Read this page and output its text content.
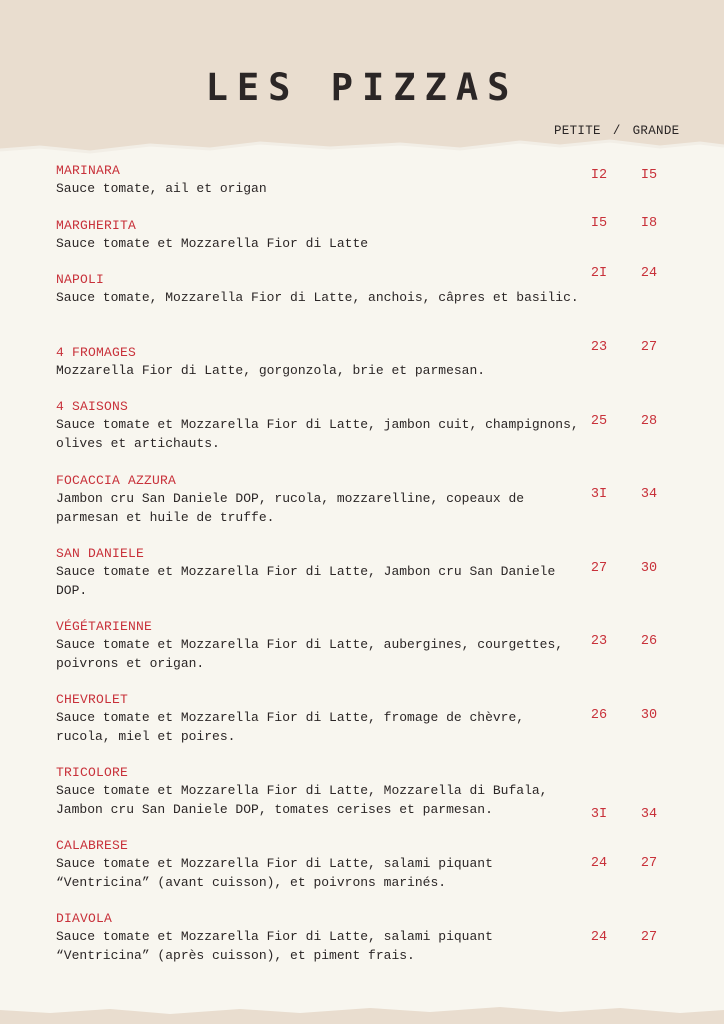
LES PIZZAS
PETITE / GRANDE
MARINARA
Sauce tomate, ail et origan
I2	I5
MARGHERITA
Sauce tomate et Mozzarella Fior di Latte
I5	I8
NAPOLI
Sauce tomate, Mozzarella Fior di Latte, anchois, câpres et basilic.
2I	24
4 FROMAGES
Mozzarella Fior di Latte, gorgonzola, brie et parmesan.
23	27
4 SAISONS
Sauce tomate et Mozzarella Fior di Latte, jambon cuit, champignons, olives et artichauts.
25	28
FOCACCIA AZZURA
Jambon cru San Daniele DOP, rucola, mozzarelline, copeaux de parmesan et huile de truffe.
3I	34
SAN DANIELE
Sauce tomate et Mozzarella Fior di Latte, Jambon cru San Daniele DOP.
27	30
VÉGÉTARIENNE
Sauce tomate et Mozzarella Fior di Latte, aubergines, courgettes, poivrons et origan.
23	26
CHEVROLET
Sauce tomate et Mozzarella Fior di Latte, fromage de chèvre, rucola, miel et poires.
26	30
TRICOLORE
Sauce tomate et Mozzarella Fior di Latte, Mozzarella di Bufala, Jambon cru San Daniele DOP, tomates cerises et parmesan.	3I	34
CALABRESE
Sauce tomate et Mozzarella Fior di Latte, salami piquant “Ventricina” (avant cuisson), et poivrons marinés.
24	27
DIAVOLA
Sauce tomate et Mozzarella Fior di Latte, salami piquant “Ventricina” (après cuisson), et piment frais.
24	27
